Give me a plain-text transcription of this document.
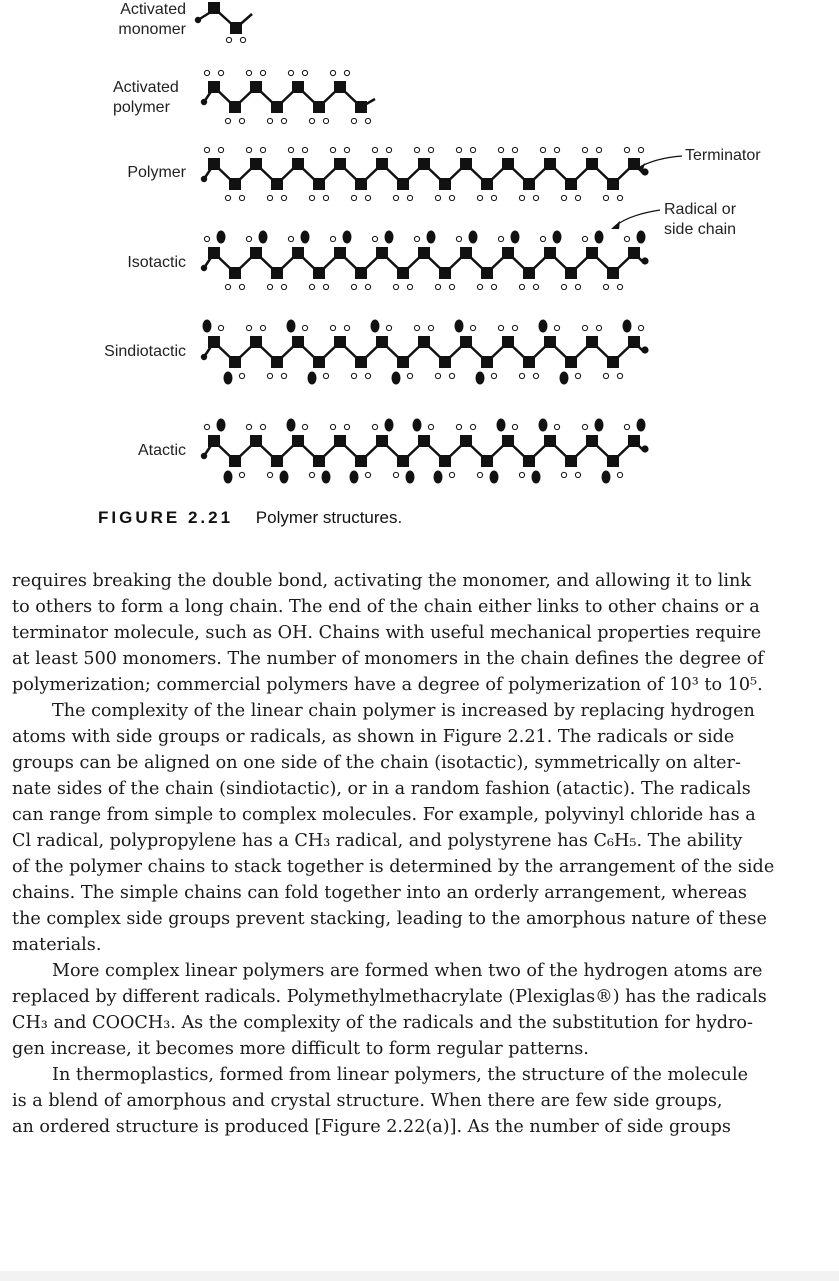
Activated
monomer
Activated
polymer
Polymer
Isotactic
Sindiotactic
Atactic
Terminator
Radical or
side chain
FIGURE 2.21 Polymer structures.
requires breaking the double bond, activating the monomer, and allowing it to link
to others to form a long chain. The end of the chain either links to other chains or a
terminator molecule, such as OH. Chains with useful mechanical properties require
at least 500 monomers. The number of monomers in the chain defines the degree of
polymerization; commercial polymers have a degree of polymerization of 10³ to 10⁵.
The complexity of the linear chain polymer is increased by replacing hydrogen
atoms with side groups or radicals, as shown in Figure 2.21. The radicals or side
groups can be aligned on one side of the chain (isotactic), symmetrically on alter-
nate sides of the chain (sindiotactic), or in a random fashion (atactic). The radicals
can range from simple to complex molecules. For example, polyvinyl chloride has a
Cl radical, polypropylene has a CH₃ radical, and polystyrene has C₆H₅. The ability
of the polymer chains to stack together is determined by the arrangement of the side
chains. The simple chains can fold together into an orderly arrangement, whereas
the complex side groups prevent stacking, leading to the amorphous nature of these
materials.
More complex linear polymers are formed when two of the hydrogen atoms are
replaced by different radicals. Polymethylmethacrylate (Plexiglas®) has the radicals
CH₃ and COOCH₃. As the complexity of the radicals and the substitution for hydro-
gen increase, it becomes more difficult to form regular patterns.
In thermoplastics, formed from linear polymers, the structure of the molecule
is a blend of amorphous and crystal structure. When there are few side groups,
an ordered structure is produced [Figure 2.22(a)]. As the number of side groups
